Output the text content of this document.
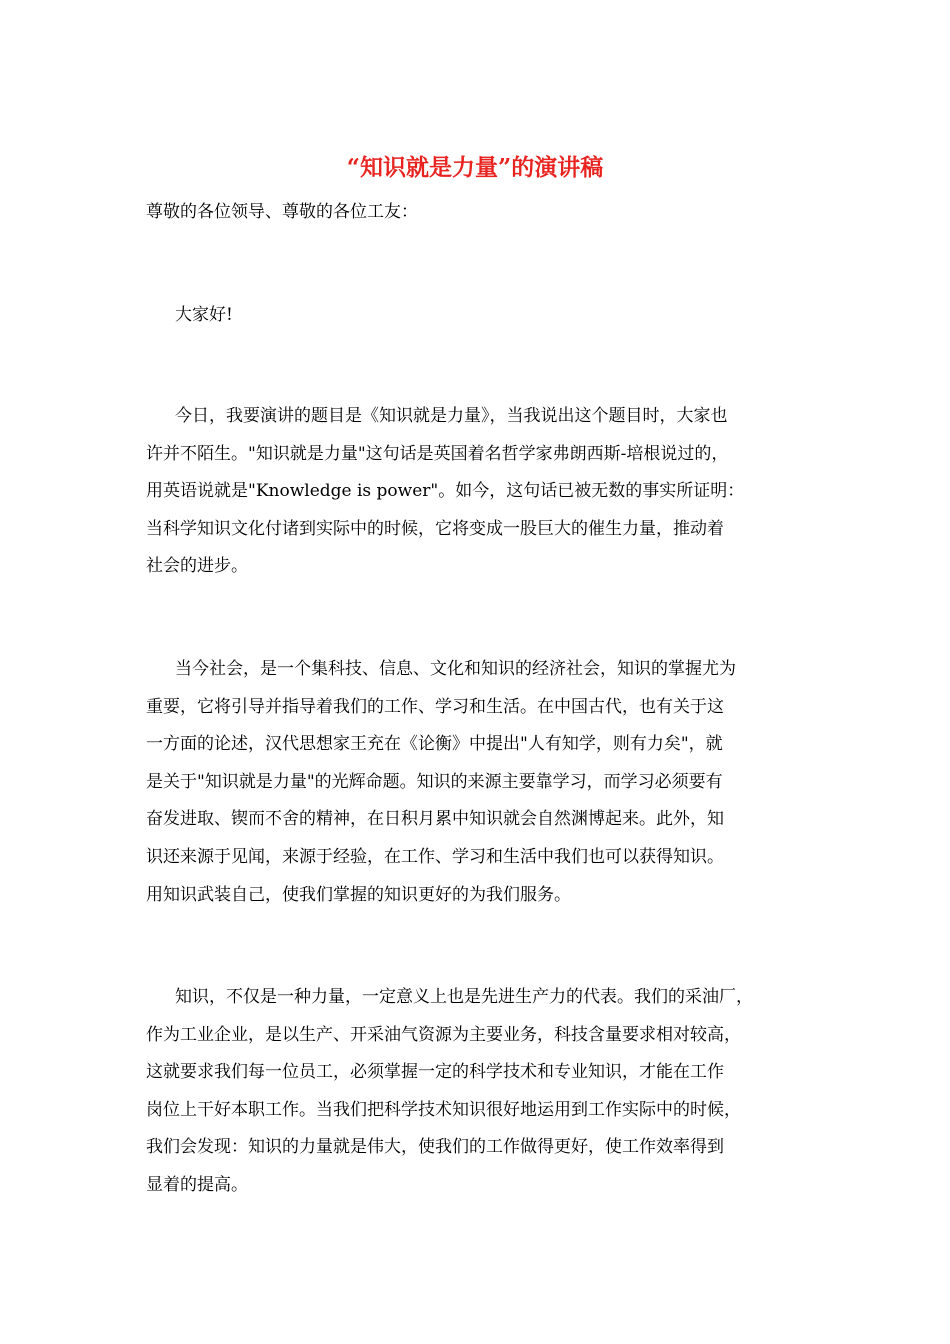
“知识就是力量”的演讲稿
尊敬的各位领导、尊敬的各位工友：
大家好!
今日，我要演讲的题目是《知识就是力量》，当我说出这个题目时，大家也
许并不陌生。"知识就是力量"这句话是英国着名哲学家弗朗西斯-培根说过的，
用英语说就是"Knowledge is power"。如今，这句话已被无数的事实所证明：
当科学知识文化付诸到实际中的时候，它将变成一股巨大的催生力量，推动着
社会的进步。
当今社会，是一个集科技、信息、文化和知识的经济社会，知识的掌握尤为
重要，它将引导并指导着我们的工作、学习和生活。在中国古代，也有关于这
一方面的论述，汉代思想家王充在《论衡》中提出"人有知学，则有力矣"，就
是关于"知识就是力量"的光辉命题。知识的来源主要靠学习，而学习必须要有
奋发进取、锲而不舍的精神，在日积月累中知识就会自然渊博起来。此外，知
识还来源于见闻，来源于经验，在工作、学习和生活中我们也可以获得知识。
用知识武装自己，使我们掌握的知识更好的为我们服务。
知识，不仅是一种力量，一定意义上也是先进生产力的代表。我们的采油厂，
作为工业企业，是以生产、开采油气资源为主要业务，科技含量要求相对较高，
这就要求我们每一位员工，必须掌握一定的科学技术和专业知识，才能在工作
岗位上干好本职工作。当我们把科学技术知识很好地运用到工作实际中的时候，
我们会发现：知识的力量就是伟大，使我们的工作做得更好，使工作效率得到
显着的提高。
